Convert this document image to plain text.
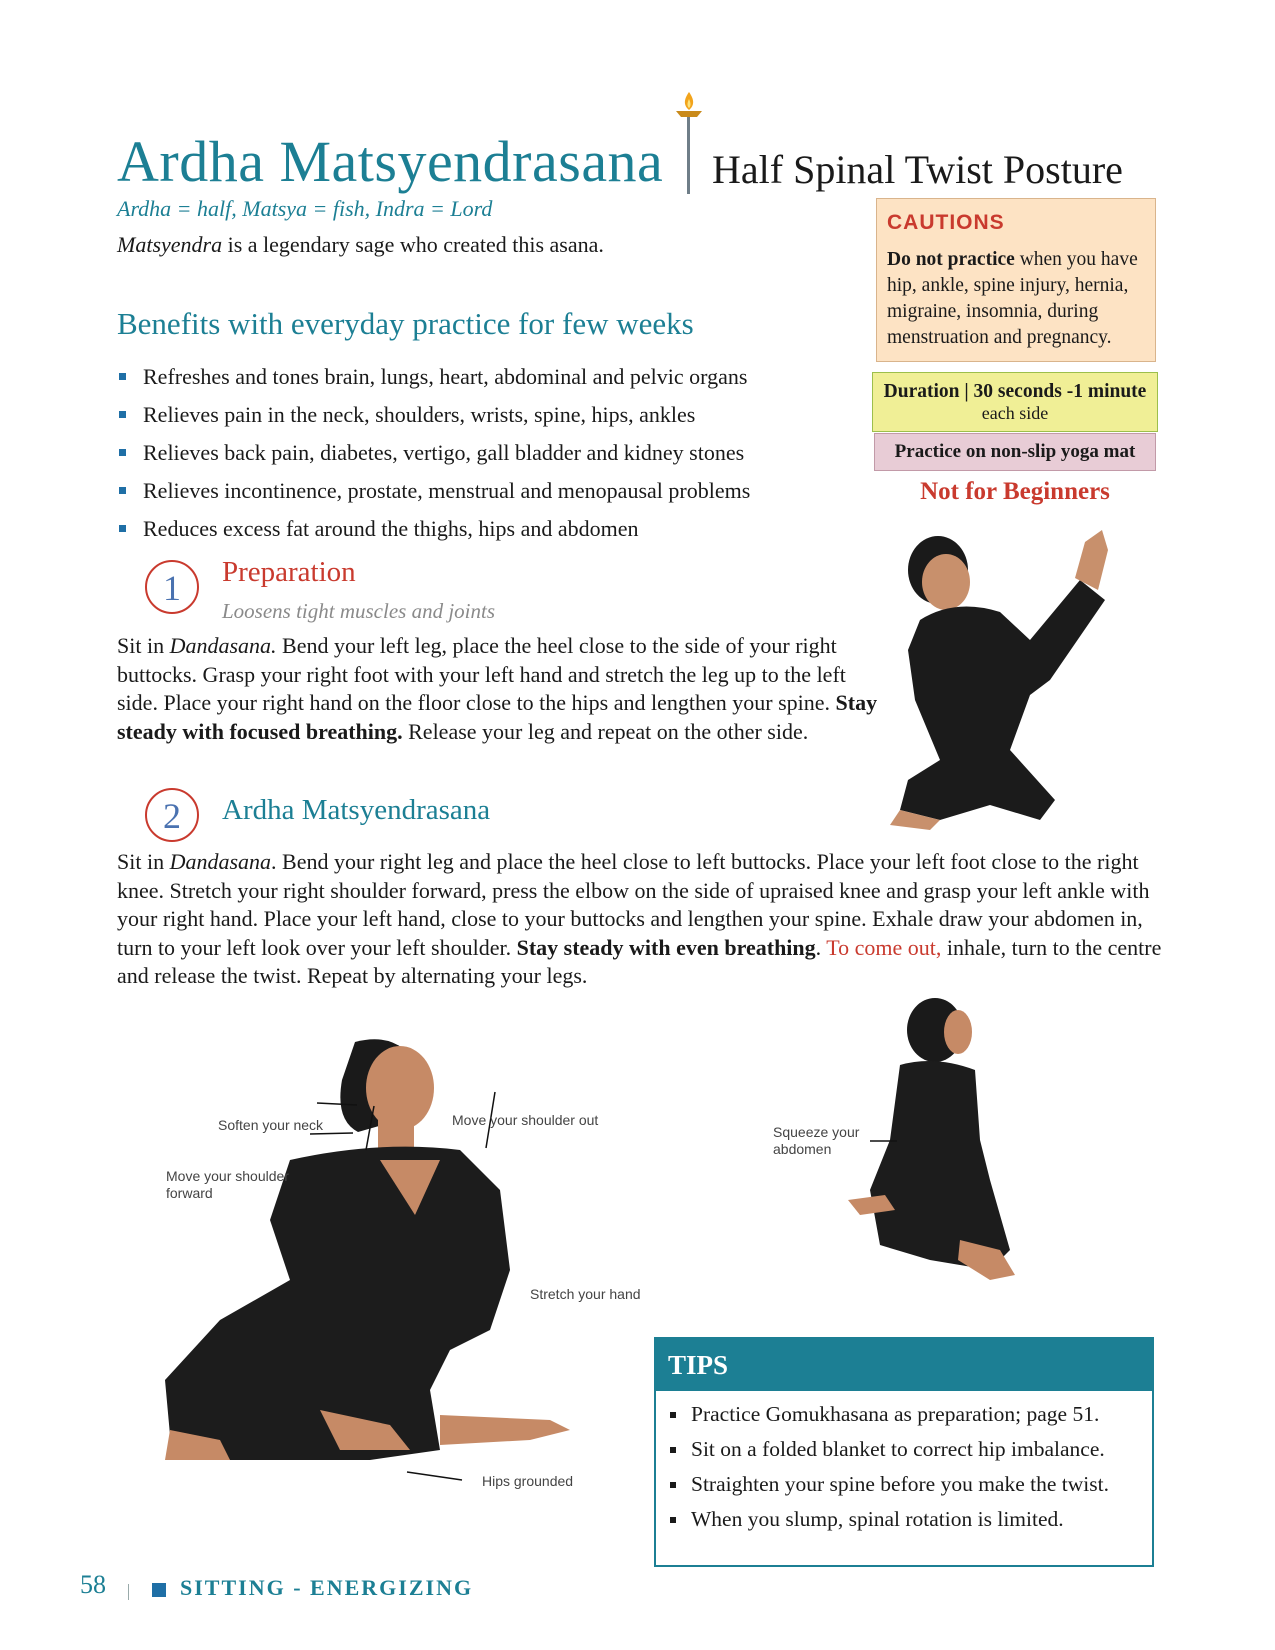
Ardha Matsyendrasana Half Spinal Twist Posture
Ardha = half, Matsya = fish, Indra = Lord
Matsyendra is a legendary sage who created this asana.
Benefits with everyday practice for few weeks
Refreshes and tones brain, lungs, heart, abdominal and pelvic organs
Relieves pain in the neck, shoulders, wrists, spine, hips, ankles
Relieves back pain, diabetes, vertigo, gall bladder and kidney stones
Relieves incontinence, prostate, menstrual and menopausal problems
Reduces excess fat around the thighs, hips and abdomen
CAUTIONS
Do not practice when you have hip, ankle, spine injury, hernia, migraine, insomnia, during menstruation and pregnancy.
Duration | 30 seconds -1 minute
each side
Practice on non-slip yoga mat
Not for Beginners
1	Preparation
Loosens tight muscles and joints
Sit in Dandasana. Bend your left leg, place the heel close to the side of your right buttocks. Grasp your right foot with your left hand and stretch the leg up to the left side. Place your right hand on the floor close to the hips and lengthen your spine. Stay steady with focused breathing. Release your leg and repeat on the other side.
2	Ardha Matsyendrasana
Sit in Dandasana. Bend your right leg and place the heel close to left buttocks. Place your left foot close to the right knee. Stretch your right shoulder forward, press the elbow on the side of upraised knee and grasp your left ankle with your right hand. Place your left hand, close to your buttocks and lengthen your spine. Exhale draw your abdomen in, turn to your left look over your left shoulder. Stay steady with even breathing. To come out, inhale, turn to the centre and release the twist. Repeat by alternating your legs.
Soften your neck	Move your shoulder out
Move your shoulder forward
Stretch your hand
Hips grounded
Squeeze your abdomen
TIPS
Practice Gomukhasana as preparation; page 51.
Sit on a folded blanket to correct hip imbalance.
Straighten your spine before you make the twist.
When you slump, spinal rotation is limited.
58	SITTING - ENERGIZING
